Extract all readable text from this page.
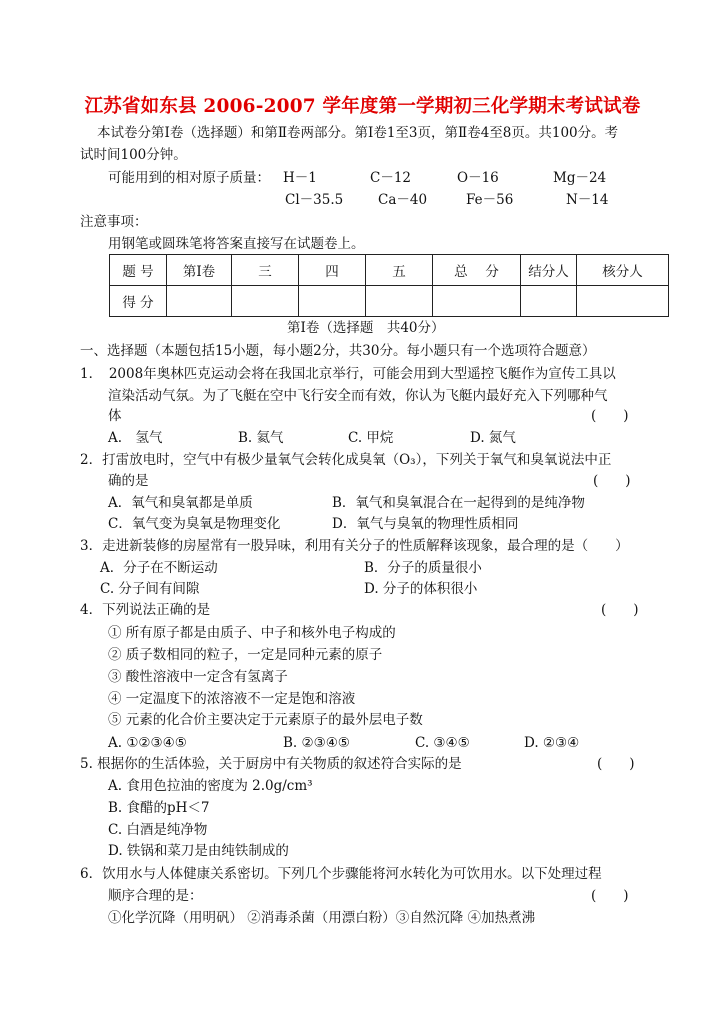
江苏省如东县 2006-2007 学年度第一学期初三化学期末考试试卷
本试卷分第Ⅰ卷（选择题）和第Ⅱ卷两部分。第Ⅰ卷1至3页，第Ⅱ卷4至8页。共100分。考
试时间100分钟。
可能用到的相对原子质量： H－1	C－12	O－16	Mg－24
Cl－35.5	Ca－40	Fe－56	N－14
注意事项：
用钢笔或圆珠笔将答案直接写在试题卷上。
题 号	第Ⅰ卷	三	四	五	总　 分	结分人	核分人
得 分							
第Ⅰ卷（选择题　共40分）
一、选择题（本题包括15小题，每小题2分，共30分。每小题只有一个选项符合题意）
1．　2008年奥林匹克运动会将在我国北京举行，可能会用到大型遥控飞艇作为宣传工具以
渲染活动气氛。为了飞艇在空中飞行安全而有效，你认为飞艇内最好充入下列哪种气
体	(　　)
A.　氢气	B. 氦气	C. 甲烷	D. 氮气
2．打雷放电时，空气中有极少量氧气会转化成臭氧（O₃），下列关于氧气和臭氧说法中正
确的是	(　　)
A．氧气和臭氧都是单质	B．氧气和臭氧混合在一起得到的是纯净物
C．氧气变为臭氧是物理变化	D．氧气与臭氧的物理性质相同
3．走进新装修的房屋常有一股异味，利用有关分子的性质解释该现象，最合理的是（　　）
A．分子在不断运动	B．分子的质量很小
C. 分子间有间隙	D. 分子的体积很小
4．下列说法正确的是	(　　)
① 所有原子都是由质子、中子和核外电子构成的
② 质子数相同的粒子，一定是同种元素的原子
③ 酸性溶液中一定含有氢离子
④ 一定温度下的浓溶液不一定是饱和溶液
⑤ 元素的化合价主要决定于元素原子的最外层电子数
A. ①②③④⑤	B. ②③④⑤	C. ③④⑤	D. ②③④
5. 根据你的生活体验，关于厨房中有关物质的叙述符合实际的是	(　　)
A. 食用色拉油的密度为 2.0g/cm³
B. 食醋的pH＜7
C. 白酒是纯净物
D. 铁锅和菜刀是由纯铁制成的
6．饮用水与人体健康关系密切。下列几个步骤能将河水转化为可饮用水。以下处理过程
顺序合理的是：	(　　)
①化学沉降（用明矾） ②消毒杀菌（用漂白粉）③自然沉降 ④加热煮沸
